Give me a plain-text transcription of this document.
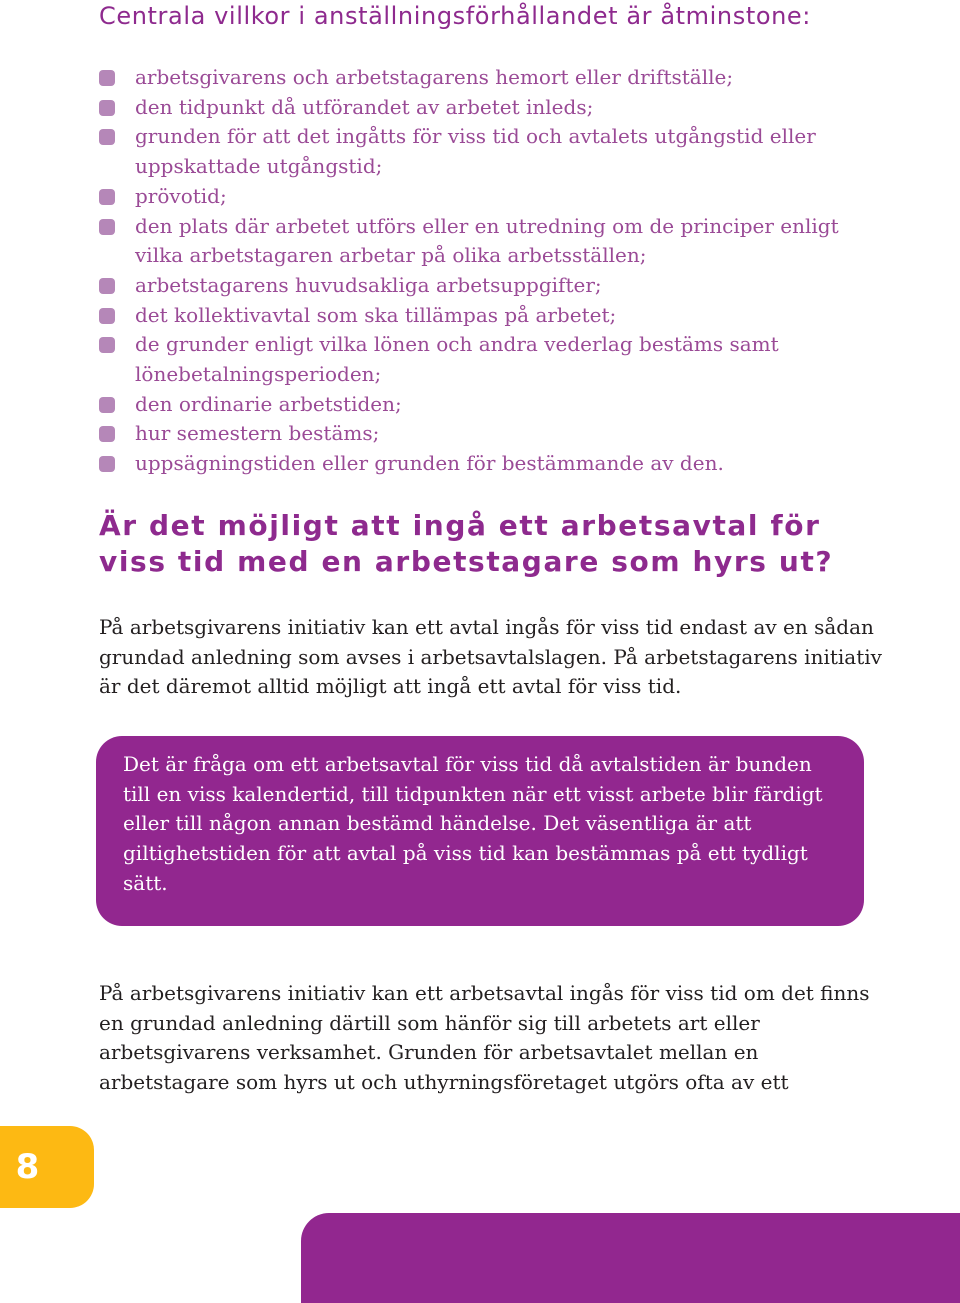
Centrala villkor i anställningsförhållandet är åtminstone:
arbetsgivarens och arbetstagarens hemort eller driftställe;
den tidpunkt då utförandet av arbetet inleds;
grunden för att det ingåtts för viss tid och avtalets utgångstid eller uppskattade utgångstid;
prövotid;
den plats där arbetet utförs eller en utredning om de principer enligt vilka arbetstagaren arbetar på olika arbetsställen;
arbetstagarens huvudsakliga arbetsuppgifter;
det kollektivavtal som ska tillämpas på arbetet;
de grunder enligt vilka lönen och andra vederlag bestäms samt lönebetalningsperioden;
den ordinarie arbetstiden;
hur semestern bestäms;
uppsägningstiden eller grunden för bestämmande av den.
Är det möjligt att ingå ett arbetsavtal för viss tid med en arbetstagare som hyrs ut?

På arbetsgivarens initiativ kan ett avtal ingås för viss tid endast av en sådan grundad anledning som avses i arbetsavtalslagen. På arbetstagarens initiativ är det däremot alltid möjligt att ingå ett avtal för viss tid.

Det är fråga om ett arbetsavtal för viss tid då avtalstiden är bunden till en viss kalendertid, till tidpunkten när ett visst arbete blir färdigt eller till någon annan bestämd händelse. Det väsentliga är att giltighetstiden för att avtal på viss tid kan bestämmas på ett tydligt sätt.

På arbetsgivarens initiativ kan ett arbetsavtal ingås för viss tid om det finns en grundad anledning därtill som hänför sig till arbetets art eller arbetsgivarens verksamhet. Grunden för arbetsavtalet mellan en arbetstagare som hyrs ut och uthyrningsföretaget utgörs ofta av ett

8
